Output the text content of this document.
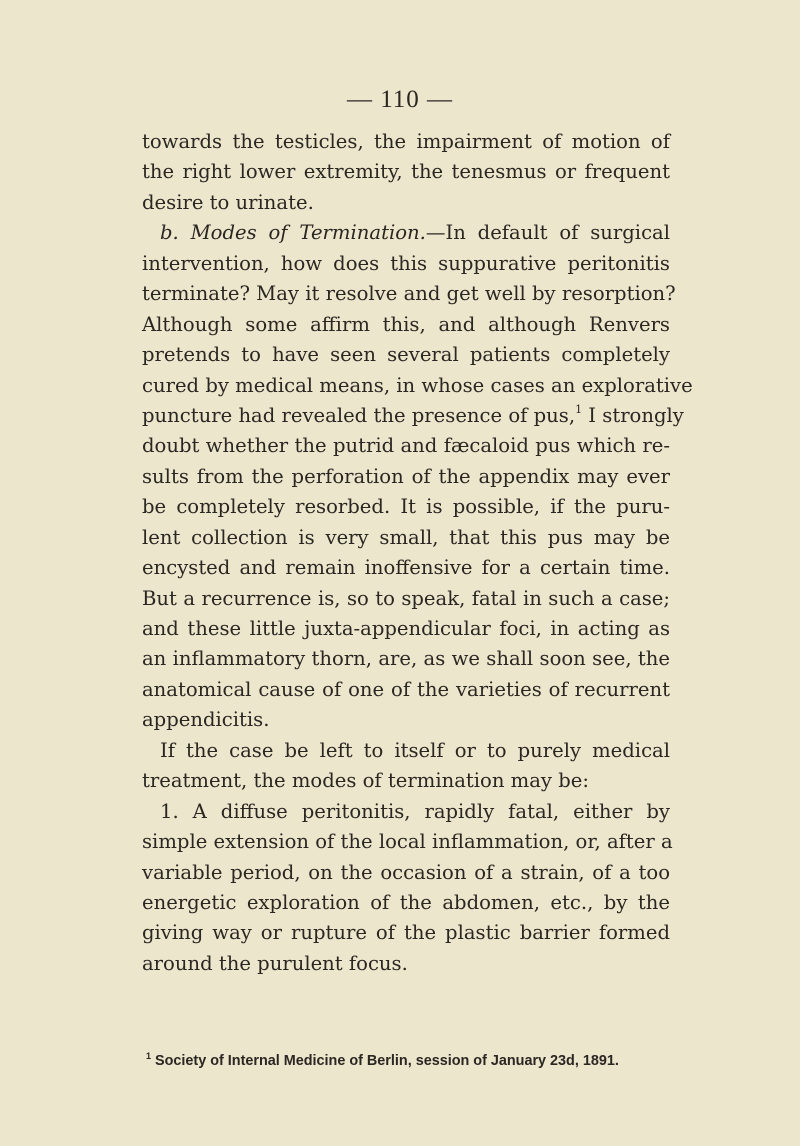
— 110 —
towards the testicles, the impairment of motion of
the right lower extremity, the tenesmus or frequent
desire to urinate.
b. Modes of Termination.—In default of surgical
intervention, how does this suppurative peritonitis
terminate? May it resolve and get well by resorption?
Although some affirm this, and although Renvers
pretends to have seen several patients completely
cured by medical means, in whose cases an explorative
puncture had revealed the presence of pus,$^1$ I strongly
doubt whether the putrid and fæcaloid pus which re-
sults from the perforation of the appendix may ever
be completely resorbed. It is possible, if the puru-
lent collection is very small, that this pus may be
encysted and remain inoffensive for a certain time.
But a recurrence is, so to speak, fatal in such a case;
and these little juxta-appendicular foci, in acting as
an inflammatory thorn, are, as we shall soon see, the
anatomical cause of one of the varieties of recurrent
appendicitis.
If the case be left to itself or to purely medical
treatment, the modes of termination may be:
1. A diffuse peritonitis, rapidly fatal, either by
simple extension of the local inflammation, or, after a
variable period, on the occasion of a strain, of a too
energetic exploration of the abdomen, etc., by the
giving way or rupture of the plastic barrier formed
around the purulent focus.
$^1$ Society of Internal Medicine of Berlin, session of January 23d, 1891.
